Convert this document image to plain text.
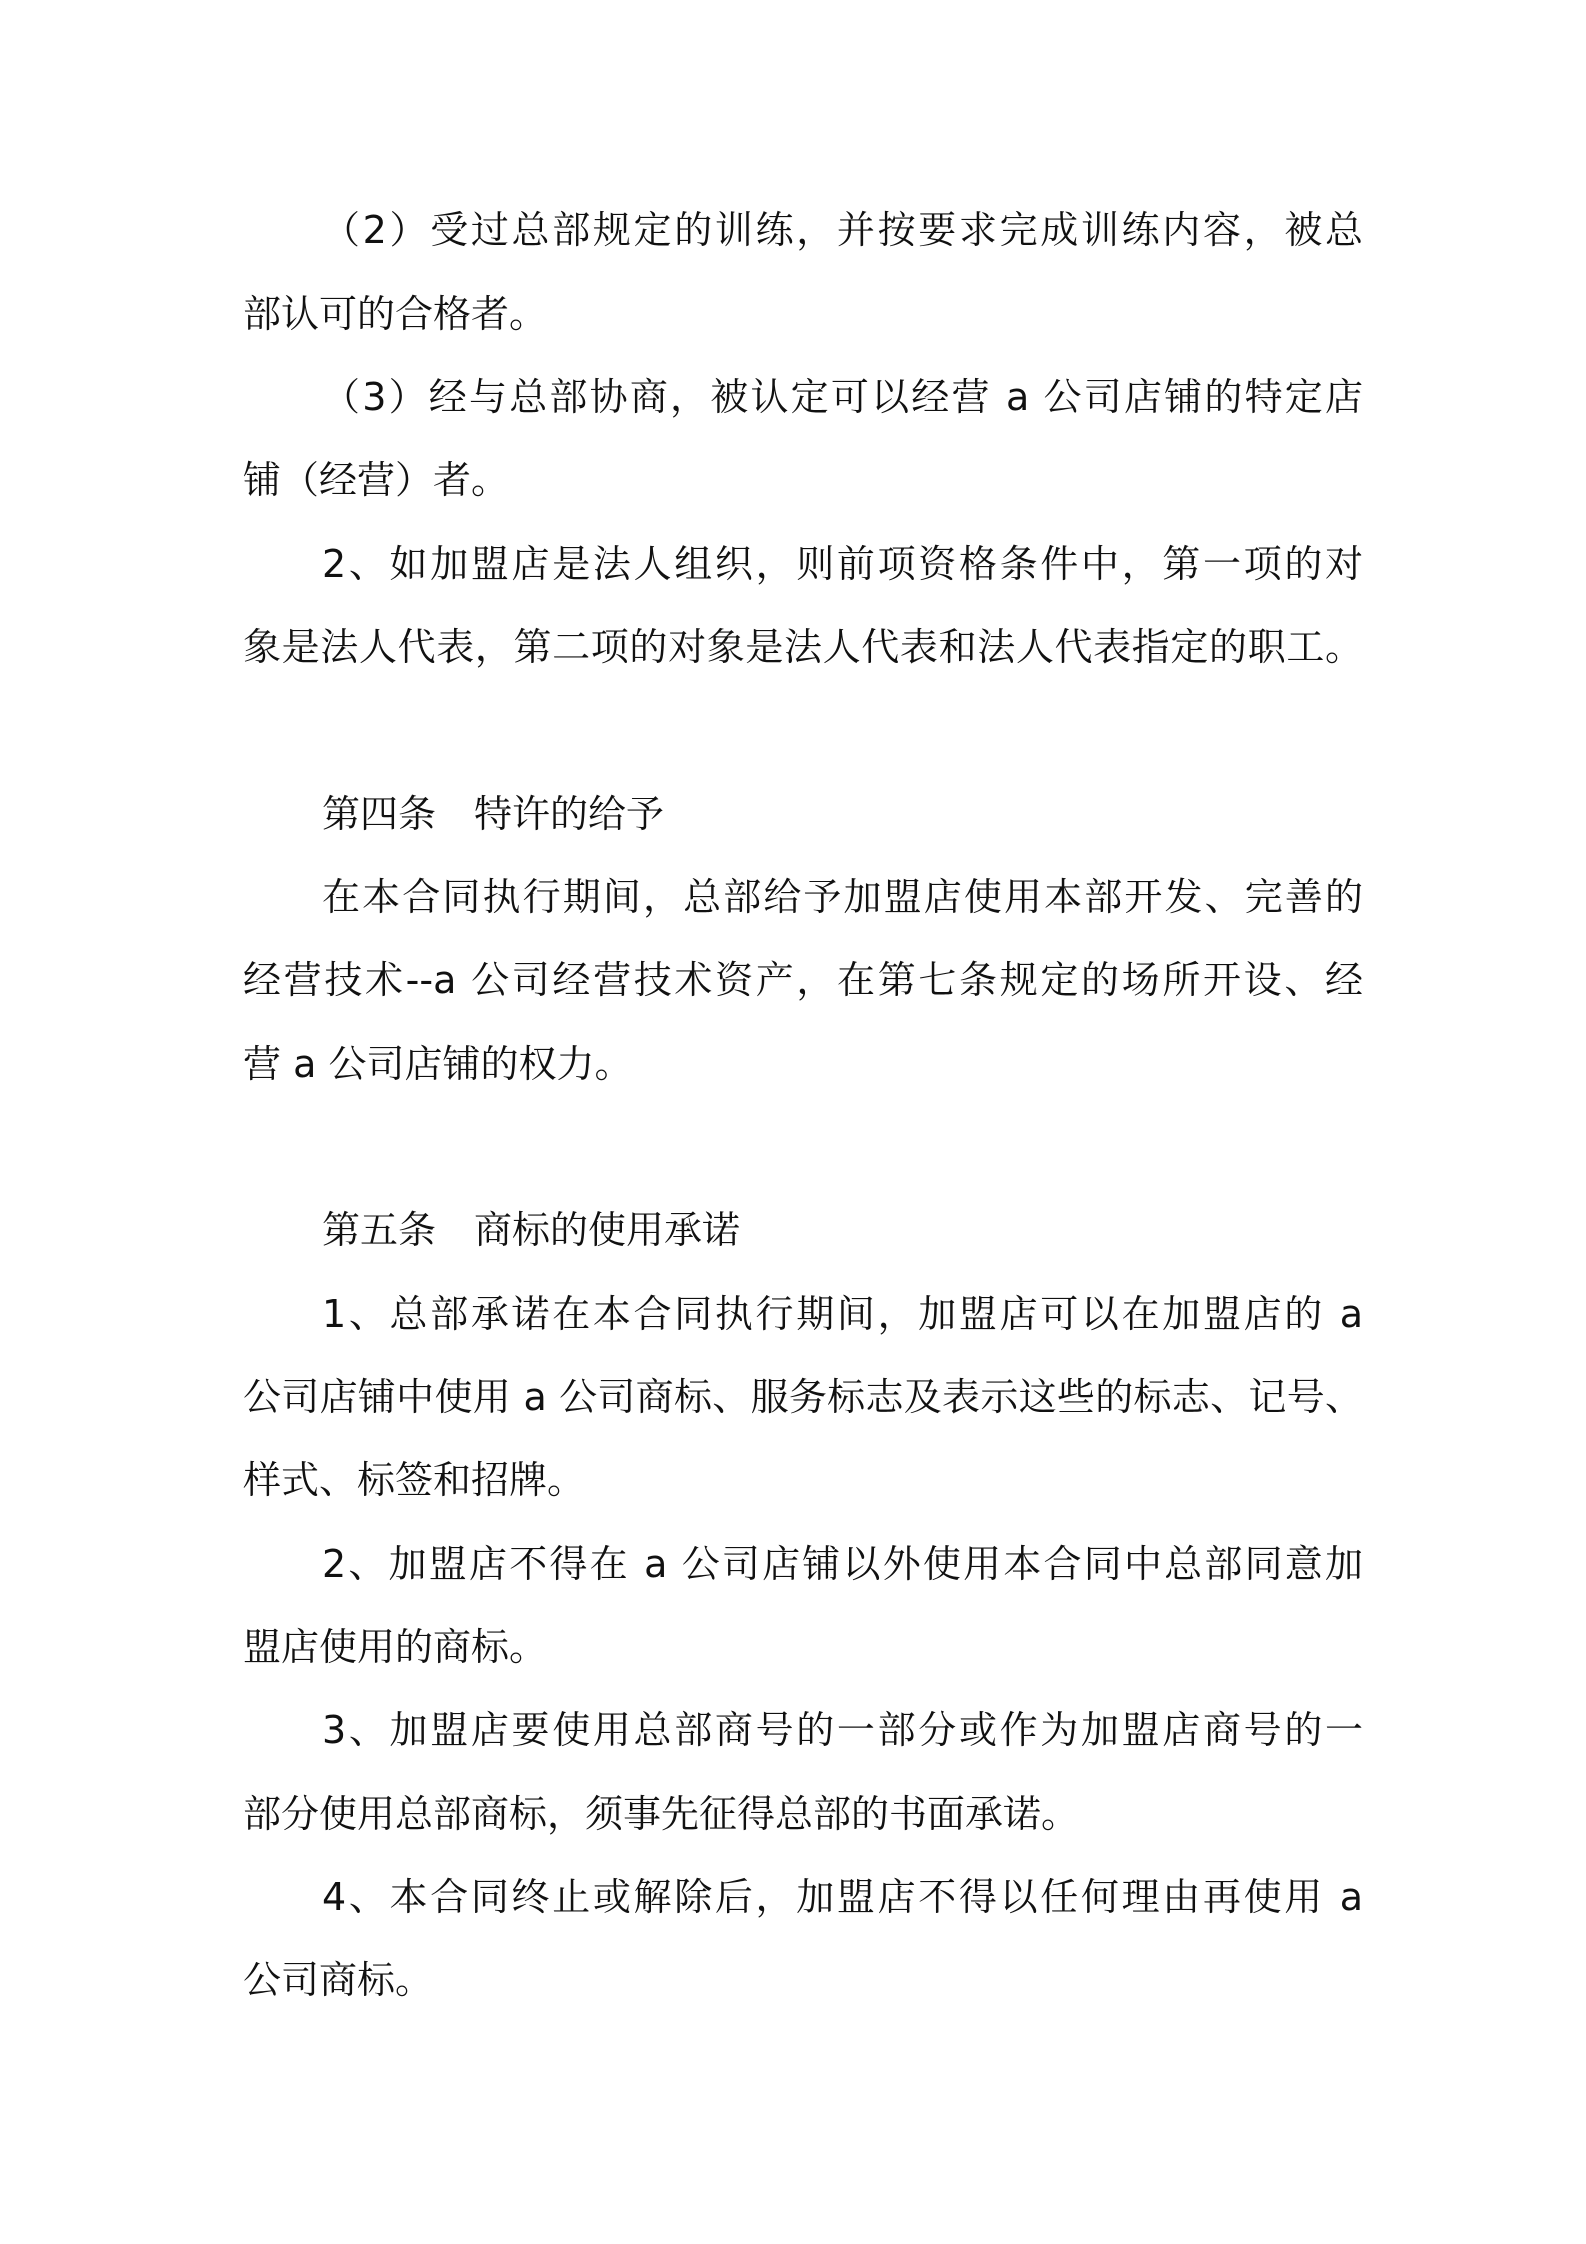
（2）受过总部规定的训练，并按要求完成训练内容，被总
部认可的合格者。
（3）经与总部协商，被认定可以经营 a 公司店铺的特定店
铺（经营）者。
2、如加盟店是法人组织，则前项资格条件中，第一项的对
象是法人代表，第二项的对象是法人代表和法人代表指定的职工。
第四条　特许的给予
在本合同执行期间，总部给予加盟店使用本部开发、完善的
经营技术--a 公司经营技术资产，在第七条规定的场所开设、经
营 a 公司店铺的权力。
第五条　商标的使用承诺
1、总部承诺在本合同执行期间，加盟店可以在加盟店的 a
公司店铺中使用 a 公司商标、服务标志及表示这些的标志、记号、
样式、标签和招牌。
2、加盟店不得在 a 公司店铺以外使用本合同中总部同意加
盟店使用的商标。
3、加盟店要使用总部商号的一部分或作为加盟店商号的一
部分使用总部商标，须事先征得总部的书面承诺。
4、本合同终止或解除后，加盟店不得以任何理由再使用 a
公司商标。
